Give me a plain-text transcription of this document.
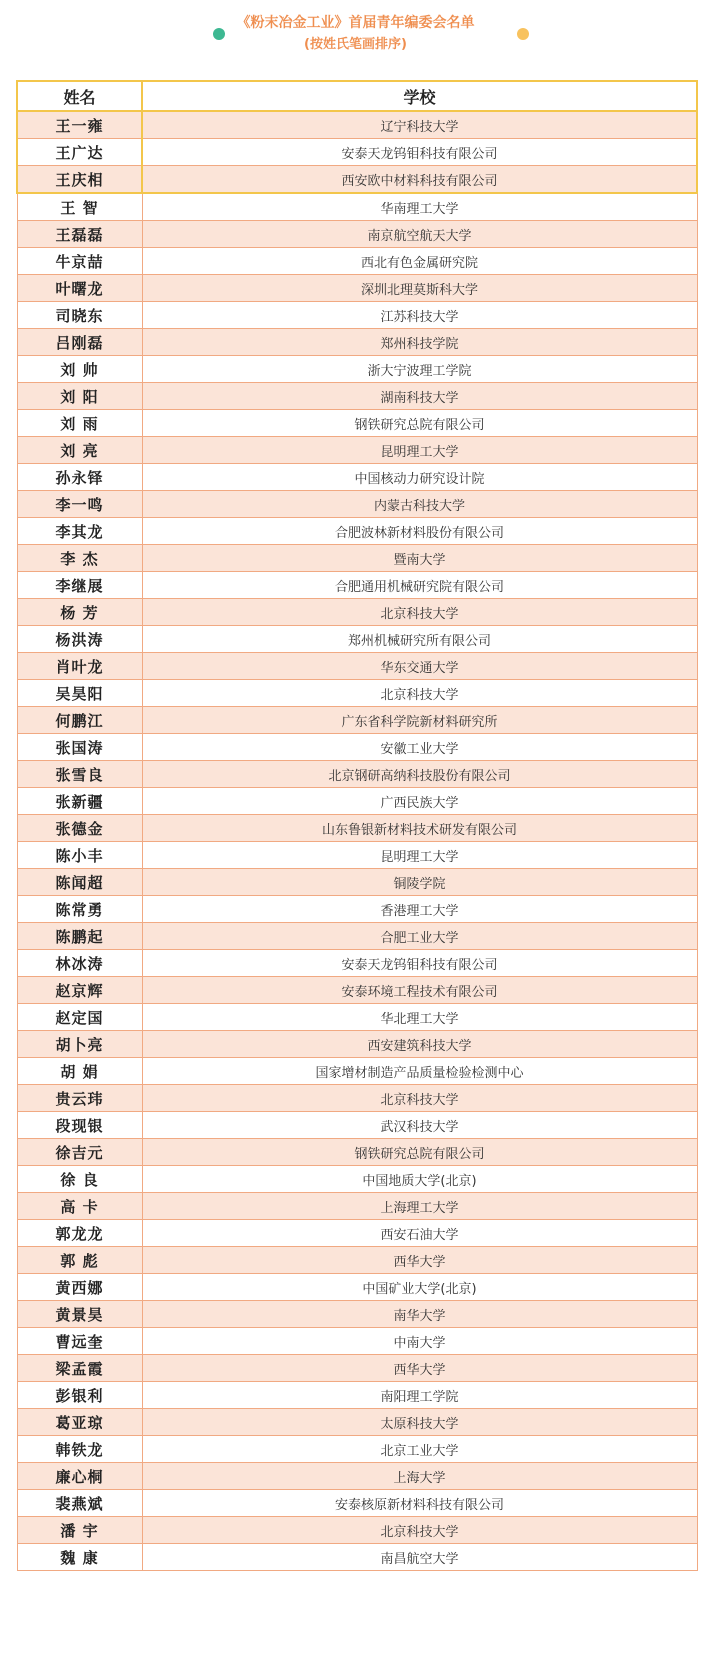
《粉末冶金工业》首届青年编委会名单
(按姓氏笔画排序)
姓名	学校
王一雍	辽宁科技大学
王广达	安泰天龙钨钼科技有限公司
王庆相	西安欧中材料科技有限公司
王 智	华南理工大学
王磊磊	南京航空航天大学
牛京喆	西北有色金属研究院
叶曙龙	深圳北理莫斯科大学
司晓东	江苏科技大学
吕刚磊	郑州科技学院
刘 帅	浙大宁波理工学院
刘 阳	湖南科技大学
刘 雨	钢铁研究总院有限公司
刘 亮	昆明理工大学
孙永铎	中国核动力研究设计院
李一鸣	内蒙古科技大学
李其龙	合肥波林新材料股份有限公司
李 杰	暨南大学
李继展	合肥通用机械研究院有限公司
杨 芳	北京科技大学
杨洪涛	郑州机械研究所有限公司
肖叶龙	华东交通大学
吴昊阳	北京科技大学
何鹏江	广东省科学院新材料研究所
张国涛	安徽工业大学
张雪良	北京钢研高纳科技股份有限公司
张新疆	广西民族大学
张德金	山东鲁银新材料技术研发有限公司
陈小丰	昆明理工大学
陈闻超	铜陵学院
陈常勇	香港理工大学
陈鹏起	合肥工业大学
林冰涛	安泰天龙钨钼科技有限公司
赵京辉	安泰环境工程技术有限公司
赵定国	华北理工大学
胡卜亮	西安建筑科技大学
胡 娟	国家增材制造产品质量检验检测中心
贵云玮	北京科技大学
段现银	武汉科技大学
徐吉元	钢铁研究总院有限公司
徐 良	中国地质大学(北京)
高 卡	上海理工大学
郭龙龙	西安石油大学
郭 彪	西华大学
黄西娜	中国矿业大学(北京)
黄景昊	南华大学
曹远奎	中南大学
梁孟霞	西华大学
彭银利	南阳理工学院
葛亚琼	太原科技大学
韩铁龙	北京工业大学
廉心桐	上海大学
裴燕斌	安泰核原新材料科技有限公司
潘 宇	北京科技大学
魏 康	南昌航空大学
